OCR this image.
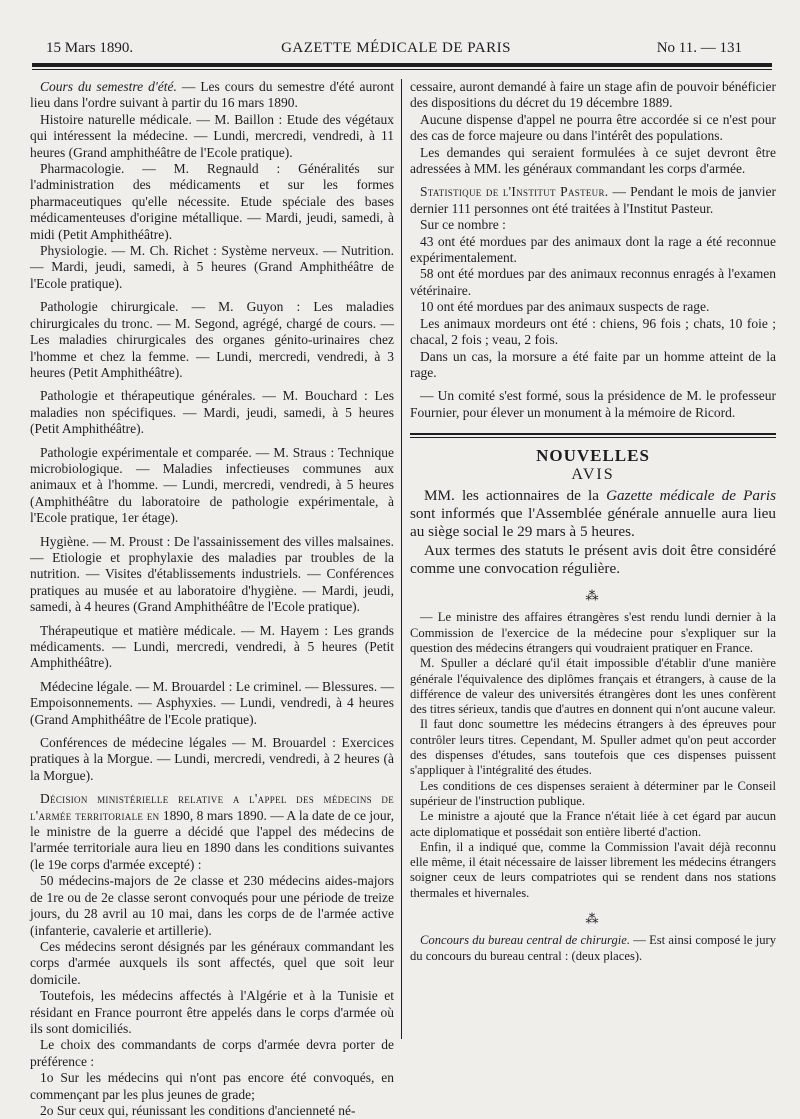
15 Mars 1890.	GAZETTE MÉDICALE DE PARIS	No 11. — 131

Cours du semestre d'été. — Les cours du semestre d'été auront lieu dans l'ordre suivant à partir du 16 mars 1890.

Histoire naturelle médicale. — M. Baillon : Etude des végétaux qui intéressent la médecine. — Lundi, mercredi, vendredi, à 11 heures (Grand amphithéâtre de l'Ecole pratique).

Pharmacologie. — M. Regnauld : Généralités sur l'administration des médicaments et sur les formes pharmaceutiques qu'elle nécessite. Etude spéciale des bases médicamenteuses d'origine métallique. — Mardi, jeudi, samedi, à midi (Petit Amphithéâtre).

Physiologie. — M. Ch. Richet : Système nerveux. — Nutrition. — Mardi, jeudi, samedi, à 5 heures (Grand Amphithéâtre de l'Ecole pratique).

Pathologie chirurgicale. — M. Guyon : Les maladies chirurgicales du tronc. — M. Segond, agrégé, chargé de cours. — Les maladies chirurgicales des organes génito-urinaires chez l'homme et chez la femme. — Lundi, mercredi, vendredi, à 3 heures (Petit Amphithéâtre).

Pathologie et thérapeutique générales. — M. Bouchard : Les maladies non spécifiques. — Mardi, jeudi, samedi, à 5 heures (Petit Amphithéâtre).

Pathologie expérimentale et comparée. — M. Straus : Technique microbiologique. — Maladies infectieuses communes aux animaux et à l'homme. — Lundi, mercredi, vendredi, à 5 heures (Amphithéâtre du laboratoire de pathologie expérimentale, à l'Ecole pratique, 1er étage).

Hygiène. — M. Proust : De l'assainissement des villes malsaines. — Etiologie et prophylaxie des maladies par troubles de la nutrition. — Visites d'établissements industriels. — Conférences pratiques au musée et au laboratoire d'hygiène. — Mardi, jeudi, samedi, à 4 heures (Grand Amphithéâtre de l'Ecole pratique).

Thérapeutique et matière médicale. — M. Hayem : Les grands médicaments. — Lundi, mercredi, vendredi, à 5 heures (Petit Amphithéâtre).

Médecine légale. — M. Brouardel : Le criminel. — Blessures. — Empoisonnements. — Asphyxies. — Lundi, vendredi, à 4 heures (Grand Amphithéâtre de l'Ecole pratique).

Conférences de médecine légales — M. Brouardel : Exercices pratiques à la Morgue. — Lundi, mercredi, vendredi, à 2 heures (à la Morgue).

Décision ministérielle relative a l'appel des médecins de l'armée territoriale en 1890, 8 mars 1890. — A la date de ce jour, le ministre de la guerre a décidé que l'appel des médecins de l'armée territoriale aura lieu en 1890 dans les conditions suivantes (le 19e corps d'armée excepté) :

50 médecins-majors de 2e classe et 230 médecins aides-majors de 1re ou de 2e classe seront convoqués pour une période de treize jours, du 28 avril au 10 mai, dans les corps de de l'armée active (infanterie, cavalerie et artillerie).

Ces médecins seront désignés par les généraux commandant les corps d'armée auxquels ils sont affectés, quel que soit leur domicile.

Toutefois, les médecins affectés à l'Algérie et à la Tunisie et résidant en France pourront être appelés dans le corps d'armée où ils sont domiciliés.

Le choix des commandants de corps d'armée devra porter de préférence :

1o Sur les médecins qui n'ont pas encore été convoqués, en commençant par les plus jeunes de grade;

2o Sur ceux qui, réunissant les conditions d'ancienneté né-

cessaire, auront demandé à faire un stage afin de pouvoir bénéficier des dispositions du décret du 19 décembre 1889.

Aucune dispense d'appel ne pourra être accordée si ce n'est pour des cas de force majeure ou dans l'intérêt des populations.

Les demandes qui seraient formulées à ce sujet devront être adressées à MM. les généraux commandant les corps d'armée.

Statistique de l'Institut Pasteur. — Pendant le mois de janvier dernier 111 personnes ont été traitées à l'Institut Pasteur.

Sur ce nombre :

43 ont été mordues par des animaux dont la rage a été reconnue expérimentalement.

58 ont été mordues par des animaux reconnus enragés à l'examen vétérinaire.

10 ont été mordues par des animaux suspects de rage.

Les animaux mordeurs ont été : chiens, 96 fois ; chats, 10 foie ; chacal, 2 fois ; veau, 2 fois.

Dans un cas, la morsure a été faite par un homme atteint de la rage.

— Un comité s'est formé, sous la présidence de M. le professeur Fournier, pour élever un monument à la mémoire de Ricord.

NOUVELLES
AVIS

MM. les actionnaires de la Gazette médicale de Paris sont informés que l'Assemblée générale annuelle aura lieu au siège social le 29 mars à 5 heures.

Aux termes des statuts le présent avis doit être considéré comme une convocation régulière.

⁂

— Le ministre des affaires étrangères s'est rendu lundi dernier à la Commission de l'exercice de la médecine pour s'expliquer sur la question des médecins étrangers qui voudraient pratiquer en France.

M. Spuller a déclaré qu'il était impossible d'établir d'une manière générale l'équivalence des diplômes français et étrangers, à cause de la différence de valeur des universités étrangères dont les unes confèrent des titres sérieux, tandis que d'autres en donnent qui n'ont aucune valeur.

Il faut donc soumettre les médecins étrangers à des épreuves pour contrôler leurs titres. Cependant, M. Spuller admet qu'on peut accorder des dispenses d'études, sans toutefois que ces dispenses puissent s'appliquer à l'intégralité des études.

Les conditions de ces dispenses seraient à déterminer par le Conseil supérieur de l'instruction publique.

Le ministre a ajouté que la France n'était liée à cet égard par aucun acte diplomatique et possédait son entière liberté d'action.

Enfin, il a indiqué que, comme la Commission l'avait déjà reconnu elle même, il était nécessaire de laisser librement les médecins étrangers soigner ceux de leurs compatriotes qui se rendent dans nos stations thermales et hivernales.

⁂

Concours du bureau central de chirurgie. — Est ainsi composé le jury du concours du bureau central : (deux places).
